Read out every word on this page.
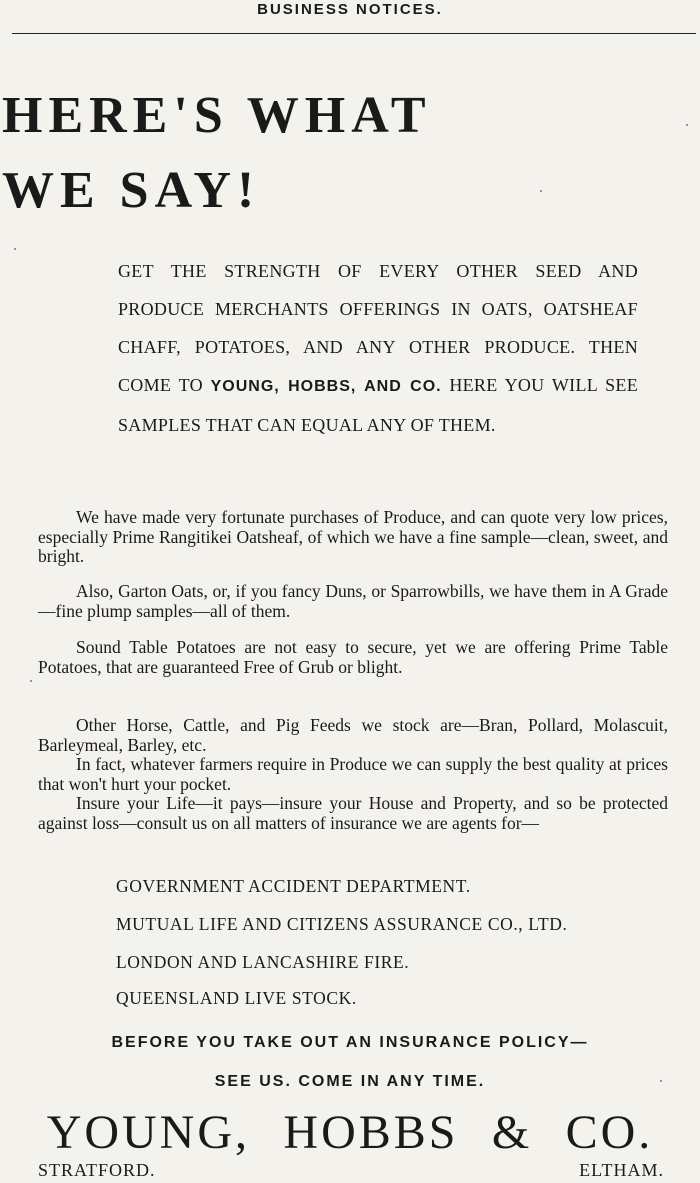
BUSINESS NOTICES.
HERE'S WHAT
WE SAY!
GET THE STRENGTH OF EVERY OTHER SEED AND PRODUCE MERCHANTS OFFERINGS IN OATS, OATSHEAF CHAFF, POTATOES, AND ANY OTHER PRODUCE. THEN COME TO YOUNG, HOBBS, AND CO. HERE YOU WILL SEE SAMPLES THAT CAN EQUAL ANY OF THEM.
We have made very fortunate purchases of Produce, and can quote very low prices, especially Prime Rangitikei Oatsheaf, of which we have a fine sample—clean, sweet, and bright.
Also, Garton Oats, or, if you fancy Duns, or Sparrowbills, we have them in A Grade—fine plump samples—all of them.
Sound Table Potatoes are not easy to secure, yet we are offering Prime Table Potatoes, that are guaranteed Free of Grub or blight.
Other Horse, Cattle, and Pig Feeds we stock are—Bran, Pollard, Molascuit, Barleymeal, Barley, etc.
In fact, whatever farmers require in Produce we can supply the best quality at prices that won't hurt your pocket.
Insure your Life—it pays—insure your House and Property, and so be protected against loss—consult us on all matters of insurance we are agents for—
GOVERNMENT ACCIDENT DEPARTMENT.
MUTUAL LIFE AND CITIZENS ASSURANCE CO., LTD.
LONDON AND LANCASHIRE FIRE.
QUEENSLAND LIVE STOCK.
BEFORE YOU TAKE OUT AN INSURANCE POLICY—
SEE US. COME IN ANY TIME.
YOUNG, HOBBS & CO.
STRATFORD.	ELTHAM.
